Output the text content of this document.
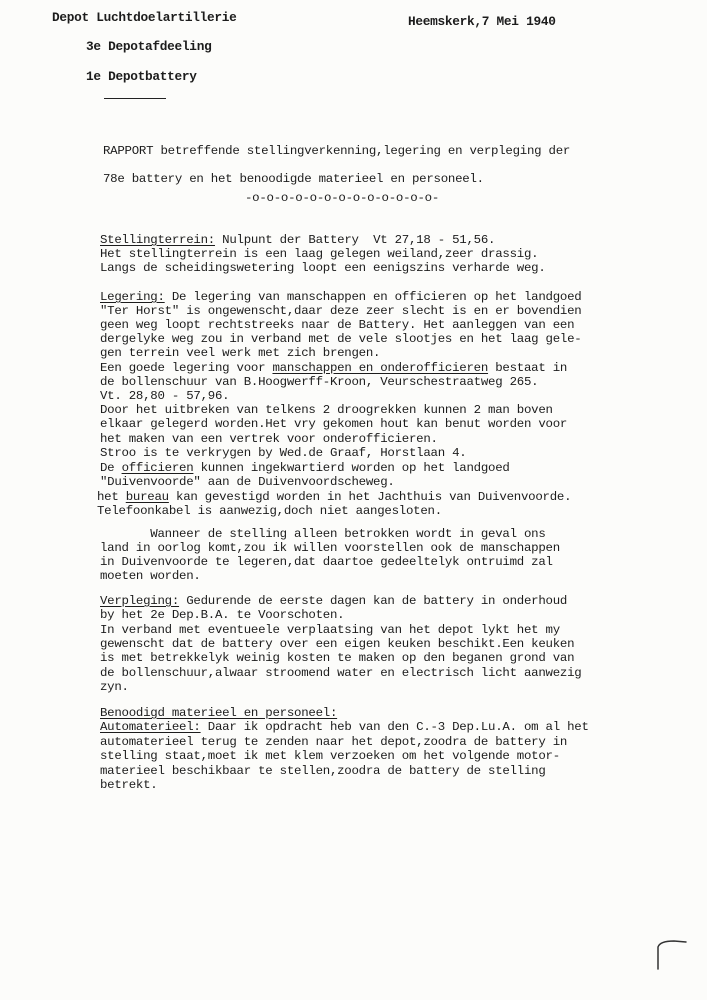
Depot Luchtdoelartillerie	Heemskerk,7 Mei 1940

3e Depotafdeeling

1e Depotbattery

RAPPORT betreffende stellingverkenning,legering en verpleging der

78e battery en het benoodigde materieel en personeel.

-o-o-o-o-o-o-o-o-o-o-o-o-o-

Stellingterrein: Nulpunt der Battery  Vt 27,18 - 51,56.

Het stellingterrein is een laag gelegen weiland,zeer drassig.

Langs de scheidingswetering loopt een eenigszins verharde weg.

Legering: De legering van manschappen en officieren op het landgoed

"Ter Horst" is ongewenscht,daar deze zeer slecht is en er bovendien

geen weg loopt rechtstreeks naar de Battery. Het aanleggen van een

dergelyke weg zou in verband met de vele slootjes en het laag gele-

gen terrein veel werk met zich brengen.

Een goede legering voor manschappen en onderofficieren bestaat in

de bollenschuur van B.Hoogwerff-Kroon, Veurschestraatweg 265.

Vt. 28,80 - 57,96.

Door het uitbreken van telkens 2 droogrekken kunnen 2 man boven

elkaar gelegerd worden.Het vry gekomen hout kan benut worden voor

het maken van een vertrek voor onderofficieren.

Stroo is te verkrygen by Wed.de Graaf, Horstlaan 4.

De officieren kunnen ingekwartierd worden op het landgoed

"Duivenvoorde" aan de Duivenvoordscheweg.

het bureau kan gevestigd worden in het Jachthuis van Duivenvoorde.

Telefoonkabel is aanwezig,doch niet aangesloten.

Wanneer de stelling alleen betrokken wordt in geval ons

land in oorlog komt,zou ik willen voorstellen ook de manschappen

in Duivenvoorde te legeren,dat daartoe gedeeltelyk ontruimd zal

moeten worden.

Verpleging: Gedurende de eerste dagen kan de battery in onderhoud

by het 2e Dep.B.A. te Voorschoten.

In verband met eventueele verplaatsing van het depot lykt het my

gewenscht dat de battery over een eigen keuken beschikt.Een keuken

is met betrekkelyk weinig kosten te maken op den beganen grond van

de bollenschuur,alwaar stroomend water en electrisch licht aanwezig

zyn.

Benoodigd materieel en personeel:

Automaterieel: Daar ik opdracht heb van den C.-3 Dep.Lu.A. om al het

automaterieel terug te zenden naar het depot,zoodra de battery in

stelling staat,moet ik met klem verzoeken om het volgende motor-

materieel beschikbaar te stellen,zoodra de battery de stelling

betrekt.
